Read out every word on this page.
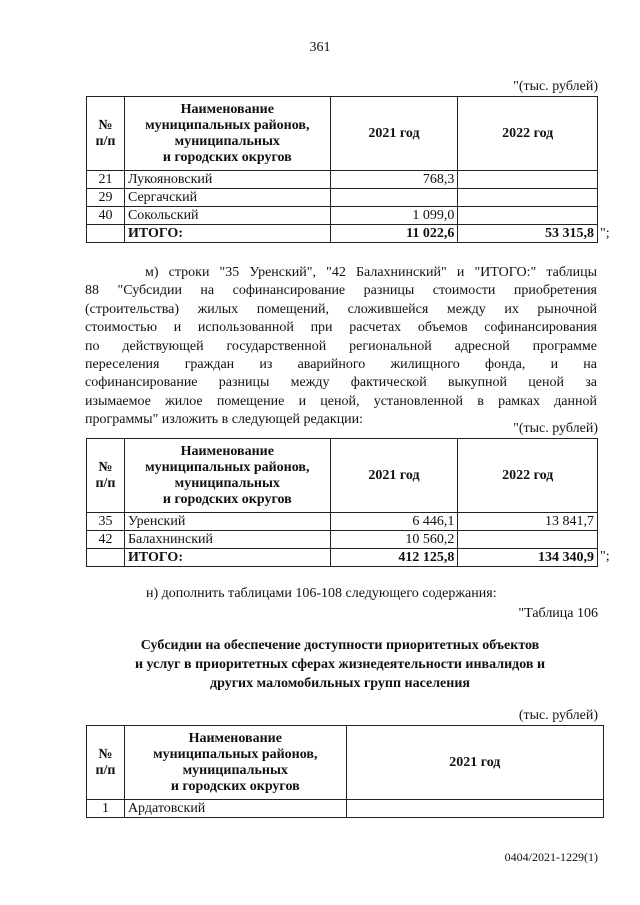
361
"(тыс. рублей)
№
п/п	Наименование
муниципальных районов,
муниципальных
и городских округов	2021 год	2022 год
21	Лукояновский	768,3	
29	Сергачский		
40	Сокольский	1 099,0	
	ИТОГО:	11 022,6	53 315,8 ";
м) строки "35 Уренский", "42 Балахнинский" и "ИТОГО:" таблицы
88 "Субсидии на софинансирование разницы стоимости приобретения
(строительства) жилых помещений, сложившейся между их рыночной
стоимостью и использованной при расчетах объемов софинансирования
по действующей государственной региональной адресной программе
переселения граждан из аварийного жилищного фонда, и на
софинансирование разницы между фактической выкупной ценой за
изымаемое жилое помещение и ценой, установленной в рамках данной
программы" изложить в следующей редакции:
"(тыс. рублей)
№
п/п	Наименование
муниципальных районов,
муниципальных
и городских округов	2021 год	2022 год
35	Уренский	6 446,1	13 841,7
42	Балахнинский	10 560,2	
	ИТОГО:	412 125,8	134 340,9 ";
н) дополнить таблицами 106-108 следующего содержания:
"Таблица 106
Субсидии на обеспечение доступности приоритетных объектов
и услуг в приоритетных сферах жизнедеятельности инвалидов и
других маломобильных групп населения
(тыс. рублей)
№
п/п	Наименование
муниципальных районов,
муниципальных
и городских округов	2021 год
1	Ардатовский	
0404/2021-1229(1)
